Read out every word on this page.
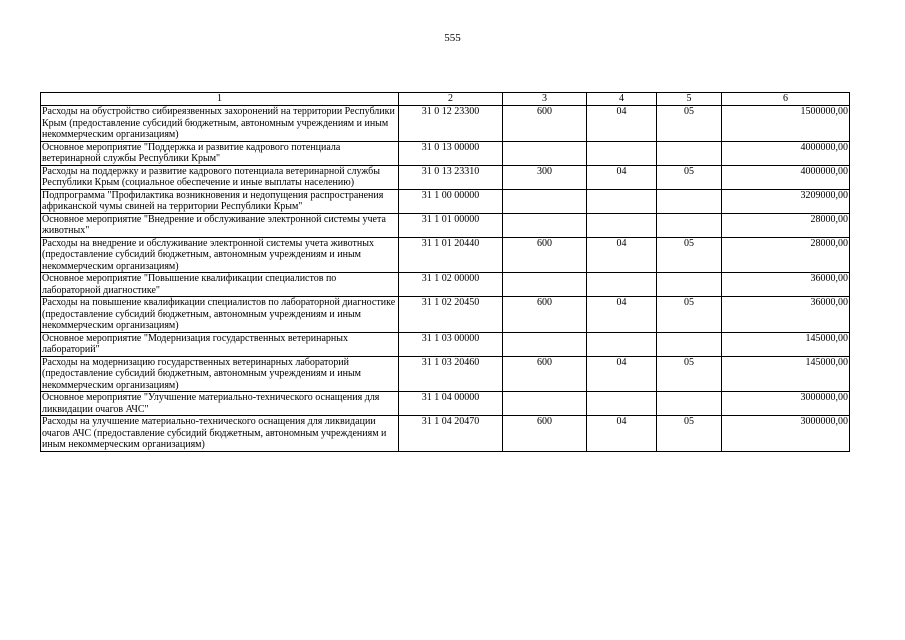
555
1	2	3	4	5	6
Расходы на обустройство сибиреязвенных захоронений на территории Республики Крым (предоставление субсидий бюджетным, автономным учреждениям и иным некоммерческим организациям)	31 0 12 23300	600	04	05	1500000,00
Основное мероприятие "Поддержка и развитие кадрового потенциала ветеринарной службы Республики Крым"	31 0 13 00000				4000000,00
Расходы на поддержку и развитие кадрового потенциала ветеринарной службы Республики Крым (социальное обеспечение и иные выплаты населению)	31 0 13 23310	300	04	05	4000000,00
Подпрограмма "Профилактика возникновения и недопущения распространения африканской чумы свиней на территории Республики Крым"	31 1 00 00000				3209000,00
Основное мероприятие "Внедрение и обслуживание электронной системы учета животных"	31 1 01 00000				28000,00
Расходы на внедрение и обслуживание электронной системы учета животных (предоставление субсидий бюджетным, автономным учреждениям и иным некоммерческим организациям)	31 1 01 20440	600	04	05	28000,00
Основное мероприятие "Повышение квалификации специалистов по лабораторной диагностике"	31 1 02 00000				36000,00
Расходы на повышение квалификации специалистов по лабораторной диагностике (предоставление субсидий бюджетным, автономным учреждениям и иным некоммерческим организациям)	31 1 02 20450	600	04	05	36000,00
Основное мероприятие "Модернизация государственных ветеринарных лабораторий"	31 1 03 00000				145000,00
Расходы на модернизацию государственных ветеринарных лабораторий (предоставление субсидий бюджетным, автономным учреждениям и иным некоммерческим организациям)	31 1 03 20460	600	04	05	145000,00
Основное мероприятие "Улучшение материально-технического оснащения для ликвидации очагов АЧС"	31 1 04 00000				3000000,00
Расходы на улучшение материально-технического оснащения для ликвидации очагов АЧС (предоставление субсидий бюджетным, автономным учреждениям и иным некоммерческим организациям)	31 1 04 20470	600	04	05	3000000,00
